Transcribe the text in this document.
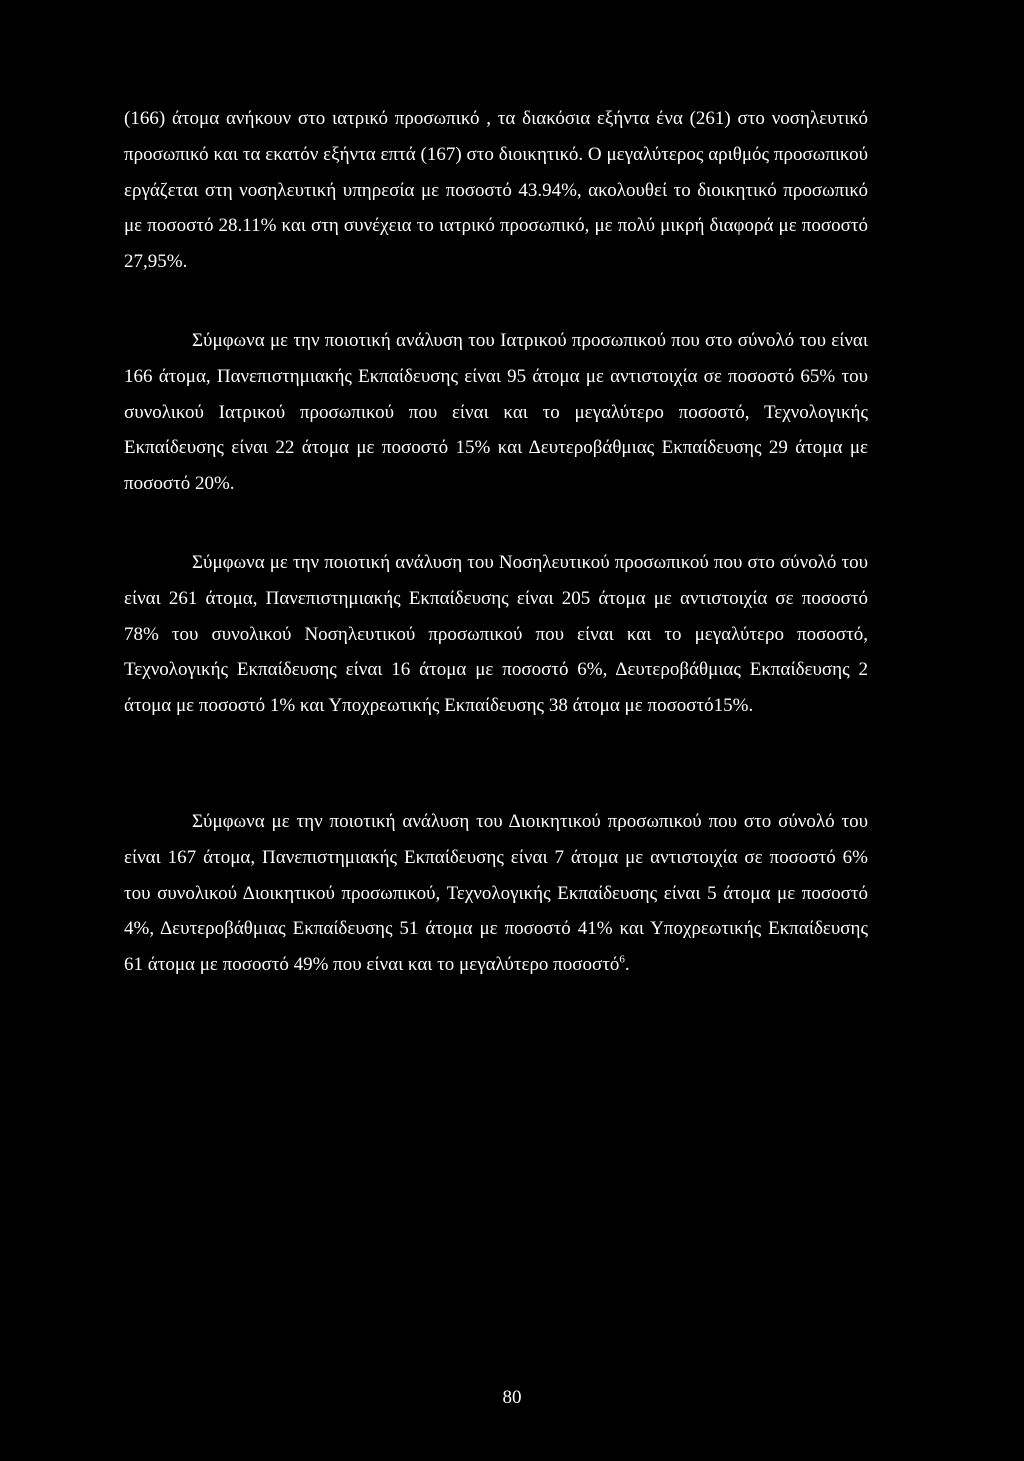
(166) άτομα ανήκουν στο ιατρικό προσωπικό , τα διακόσια εξήντα ένα (261) στο νοσηλευτικό προσωπικό και τα εκατόν εξήντα επτά (167) στο διοικητικό. Ο μεγαλύτερος αριθμός προσωπικού εργάζεται στη νοσηλευτική υπηρεσία με ποσοστό 43.94%, ακολουθεί το διοικητικό προσωπικό με ποσοστό 28.11% και στη συνέχεια το ιατρικό προσωπικό, με πολύ μικρή διαφορά με ποσοστό 27,95%.

Σύμφωνα με την ποιοτική ανάλυση του Ιατρικού προσωπικού που στο σύνολό του είναι 166 άτομα, Πανεπιστημιακής Εκπαίδευσης είναι 95 άτομα με αντιστοιχία σε ποσοστό 65% του συνολικού Ιατρικού προσωπικού που είναι και το μεγαλύτερο ποσοστό, Τεχνολογικής Εκπαίδευσης είναι 22 άτομα με ποσοστό 15% και Δευτεροβάθμιας Εκπαίδευσης 29 άτομα με ποσοστό 20%.

Σύμφωνα με την ποιοτική ανάλυση του Νοσηλευτικού προσωπικού που στο σύνολό του είναι 261 άτομα, Πανεπιστημιακής Εκπαίδευσης είναι 205 άτομα με αντιστοιχία σε ποσοστό 78% του συνολικού Νοσηλευτικού προσωπικού που είναι και το μεγαλύτερο ποσοστό, Τεχνολογικής Εκπαίδευσης είναι 16 άτομα με ποσοστό 6%, Δευτεροβάθμιας Εκπαίδευσης 2 άτομα με ποσοστό 1% και Υποχρεωτικής Εκπαίδευσης 38 άτομα με ποσοστό15%.

Σύμφωνα με την ποιοτική ανάλυση του Διοικητικού προσωπικού που στο σύνολό του είναι 167 άτομα, Πανεπιστημιακής Εκπαίδευσης είναι 7 άτομα με αντιστοιχία σε ποσοστό 6% του συνολικού Διοικητικού προσωπικού, Τεχνολογικής Εκπαίδευσης είναι 5 άτομα με ποσοστό 4%, Δευτεροβάθμιας Εκπαίδευσης 51 άτομα με ποσοστό 41% και Υποχρεωτικής Εκπαίδευσης 61 άτομα με ποσοστό 49% που είναι και το μεγαλύτερο ποσοστό$^6$.

80
